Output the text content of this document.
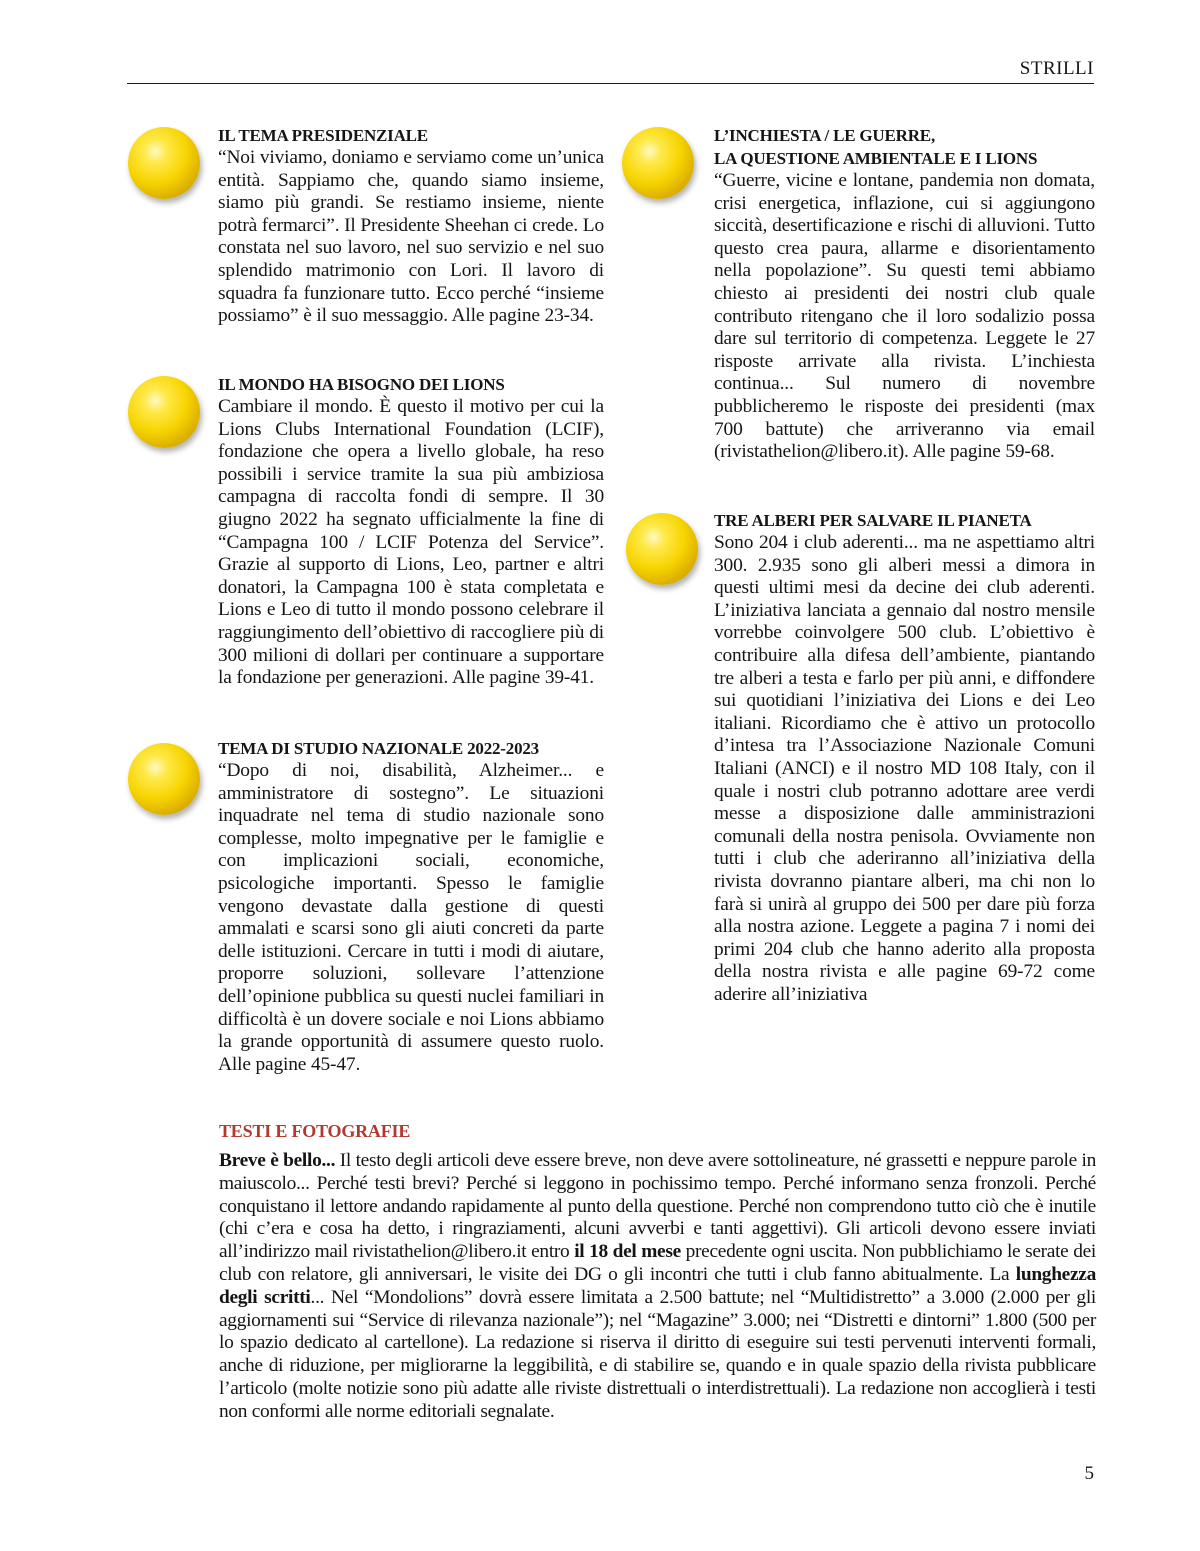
STRILLI
IL TEMA PRESIDENZIALE

“Noi viviamo, doniamo e serviamo come un’unica entità. Sappiamo che, quando siamo insieme, siamo più grandi. Se restiamo insieme, niente potrà fermarci”. Il Presidente Sheehan ci crede. Lo constata nel suo lavoro, nel suo servizio e nel suo splendido matrimonio con Lori. Il lavoro di squadra fa funzionare tutto. Ecco perché “insieme possiamo” è il suo messaggio. Alle pagine 23-34.

IL MONDO HA BISOGNO DEI LIONS

Cambiare il mondo. È questo il motivo per cui la Lions Clubs International Foundation (LCIF), fondazione che opera a livello globale, ha reso possibili i service tramite la sua più ambiziosa campagna di raccolta fondi di sempre. Il 30 giugno 2022 ha segnato ufficialmente la fine di “Campagna 100 / LCIF Potenza del Service”. Grazie al supporto di Lions, Leo, partner e altri donatori, la Campagna 100 è stata completata e Lions e Leo di tutto il mondo possono celebrare il raggiungimento dell’obiettivo di raccogliere più di 300 milioni di dollari per continuare a supportare la fondazione per generazioni. Alle pagine 39-41.

TEMA DI STUDIO NAZIONALE 2022-2023

“Dopo di noi, disabilità, Alzheimer... e amministratore di sostegno”. Le situazioni inquadrate nel tema di studio nazionale sono complesse, molto impegnative per le famiglie e con implicazioni sociali, economiche, psicologiche importanti. Spesso le famiglie vengono devastate dalla gestione di questi ammalati e scarsi sono gli aiuti concreti da parte delle istituzioni. Cercare in tutti i modi di aiutare, proporre soluzioni, sollevare l’attenzione dell’opinione pubblica su questi nuclei familiari in difficoltà è un dovere sociale e noi Lions abbiamo la grande opportunità di assumere questo ruolo. Alle pagine 45-47.

L’INCHIESTA / LE GUERRE,
LA QUESTIONE AMBIENTALE E I LIONS

“Guerre, vicine e lontane, pandemia non domata, crisi energetica, inflazione, cui si aggiungono siccità, desertificazione e rischi di alluvioni. Tutto questo crea paura, allarme e disorientamento nella popolazione”. Su questi temi abbiamo chiesto ai presidenti dei nostri club quale contributo ritengano che il loro sodalizio possa dare sul territorio di competenza. Leggete le 27 risposte arrivate alla rivista. L’inchiesta continua... Sul numero di novembre pubblicheremo le risposte dei presidenti (max 700 battute) che arriveranno via email (rivistathelion@libero.it). Alle pagine 59-68.

TRE ALBERI PER SALVARE IL PIANETA

Sono 204 i club aderenti... ma ne aspettiamo altri 300. 2.935 sono gli alberi messi a dimora in questi ultimi mesi da decine dei club aderenti. L’iniziativa lanciata a gennaio dal nostro mensile vorrebbe coinvolgere 500 club. L’obiettivo è contribuire alla difesa dell’ambiente, piantando tre alberi a testa e farlo per più anni, e diffondere sui quotidiani l’iniziativa dei Lions e dei Leo italiani. Ricordiamo che è attivo un protocollo d’intesa tra l’Associazione Nazionale Comuni Italiani (ANCI) e il nostro MD 108 Italy, con il quale i nostri club potranno adottare aree verdi messe a disposizione dalle amministrazioni comunali della nostra penisola. Ovviamente non tutti i club che aderiranno all’iniziativa della rivista dovranno piantare alberi, ma chi non lo farà si unirà al gruppo dei 500 per dare più forza alla nostra azione. Leggete a pagina 7 i nomi dei primi 204 club che hanno aderito alla proposta della nostra rivista e alle pagine 69-72 come aderire all’iniziativa

TESTI E FOTOGRAFIE

Breve è bello... Il testo degli articoli deve essere breve, non deve avere sottolineature, né grassetti e neppure parole in maiuscolo... Perché testi brevi? Perché si leggono in pochissimo tempo. Perché informano senza fronzoli. Perché conquistano il lettore andando rapidamente al punto della questione. Perché non comprendono tutto ciò che è inutile (chi c’era e cosa ha detto, i ringraziamenti, alcuni avverbi e tanti aggettivi). Gli articoli devono essere inviati all’indirizzo mail rivistathelion@libero.it entro il 18 del mese precedente ogni uscita. Non pubblichiamo le serate dei club con relatore, gli anniversari, le visite dei DG o gli incontri che tutti i club fanno abitualmente. La lunghezza degli scritti... Nel “Mondolions” dovrà essere limitata a 2.500 battute; nel “Multidistretto” a 3.000 (2.000 per gli aggiornamenti sui “Service di rilevanza nazionale”); nel “Magazine” 3.000; nei “Distretti e dintorni” 1.800 (500 per lo spazio dedicato al cartellone). La redazione si riserva il diritto di eseguire sui testi pervenuti interventi formali, anche di riduzione, per migliorarne la leggibilità, e di stabilire se, quando e in quale spazio della rivista pubblicare l’articolo (molte notizie sono più adatte alle riviste distrettuali o interdistrettuali). La redazione non accoglierà i testi non conformi alle norme editoriali segnalate.

5
